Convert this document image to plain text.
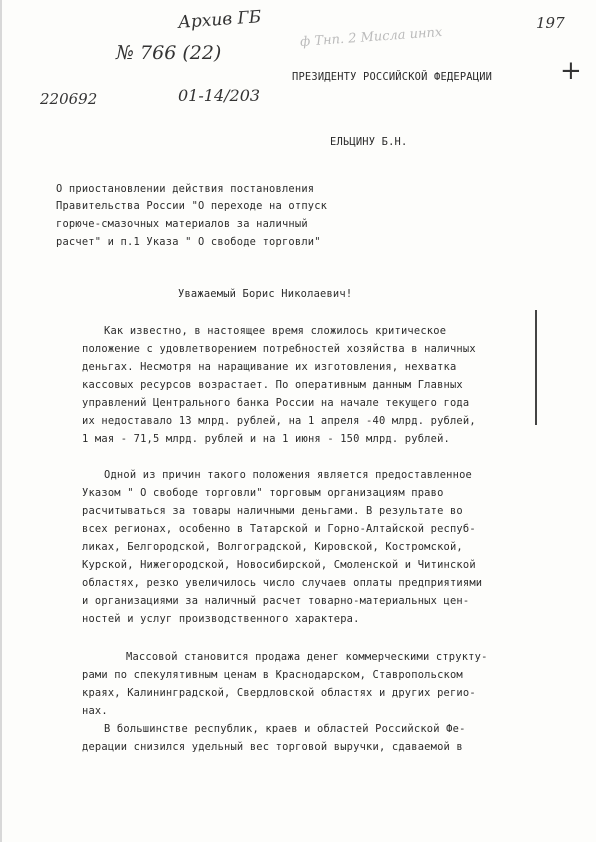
Архив ГБ
ф Тнп. 2 Мисла инпх
197
+
№ 766 (22)
220692	01-14/203
ПРЕЗИДЕНТУ РОССИЙСКОЙ ФЕДЕРАЦИИ
ЕЛЬЦИНУ Б.Н.
О приостановлении действия постановления
Правительства России "О переходе на отпуск
горюче-смазочных материалов за наличный
расчет" и п.1 Указа " О свободе торговли"
Уважаемый Борис Николаевич!
Как известно, в настоящее время сложилось критическое
положение с удовлетворением потребностей хозяйства в наличных
деньгах. Несмотря на наращивание их изготовления, нехватка
кассовых ресурсов возрастает. По оперативным данным Главных
управлений Центрального банка России на начале текущего года
их недоставало 13 млрд. рублей, на 1 апреля -40 млрд. рублей,
1 мая - 71,5 млрд. рублей и на 1 июня - 150 млрд. рублей.
Одной из причин такого положения является предоставленное
Указом " О свободе торговли" торговым организациям право
расчитываться за товары наличными деньгами. В результате во
всех регионах, особенно в Татарской и Горно-Алтайской респуб-
ликах, Белгородской, Волгоградской, Кировской, Костромской,
Курской, Нижегородской, Новосибирской, Смоленской и Читинской
областях, резко увеличилось число случаев оплаты предприятиями
и организациями за наличный расчет товарно-материальных цен-
ностей и услуг производственного характера.
Массовой становится продажа денег коммерческими структу-
рами по спекулятивным ценам в Краснодарском, Ставропольском
краях, Калининградской, Свердловской областях и других регио-
нах.
В большинстве республик, краев и областей Российской Фе-
дерации снизился удельный вес торговой выручки, сдаваемой в
